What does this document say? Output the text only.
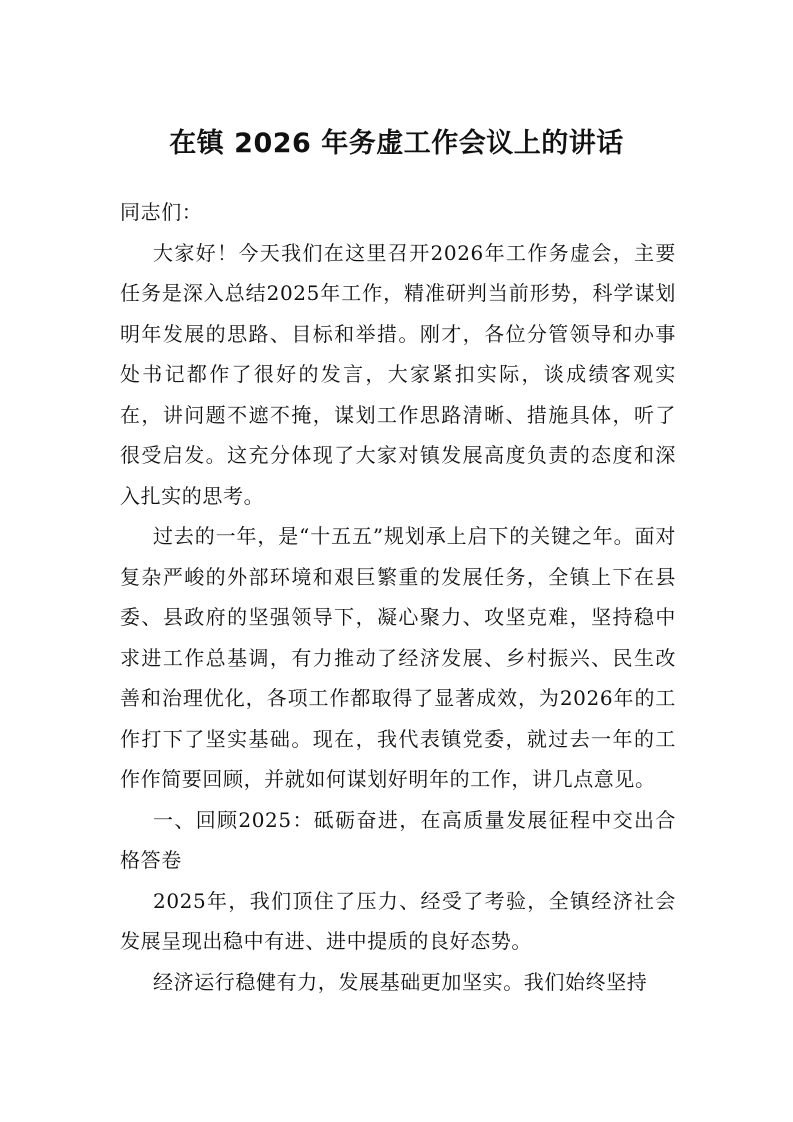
在镇 2026 年务虚工作会议上的讲话

同志们：

大家好！今天我们在这里召开2026年工作务虚会，主要任务是深入总结2025年工作，精准研判当前形势，科学谋划明年发展的思路、目标和举措。刚才，各位分管领导和办事处书记都作了很好的发言，大家紧扣实际，谈成绩客观实在，讲问题不遮不掩，谋划工作思路清晰、措施具体，听了很受启发。这充分体现了大家对镇发展高度负责的态度和深入扎实的思考。

过去的一年，是“十五五”规划承上启下的关键之年。面对复杂严峻的外部环境和艰巨繁重的发展任务，全镇上下在县委、县政府的坚强领导下，凝心聚力、攻坚克难，坚持稳中求进工作总基调，有力推动了经济发展、乡村振兴、民生改善和治理优化，各项工作都取得了显著成效，为2026年的工作打下了坚实基础。现在，我代表镇党委，就过去一年的工作作简要回顾，并就如何谋划好明年的工作，讲几点意见。

一、回顾2025：砥砺奋进，在高质量发展征程中交出合格答卷

2025年，我们顶住了压力、经受了考验，全镇经济社会发展呈现出稳中有进、进中提质的良好态势。

经济运行稳健有力，发展基础更加坚实。我们始终坚持
